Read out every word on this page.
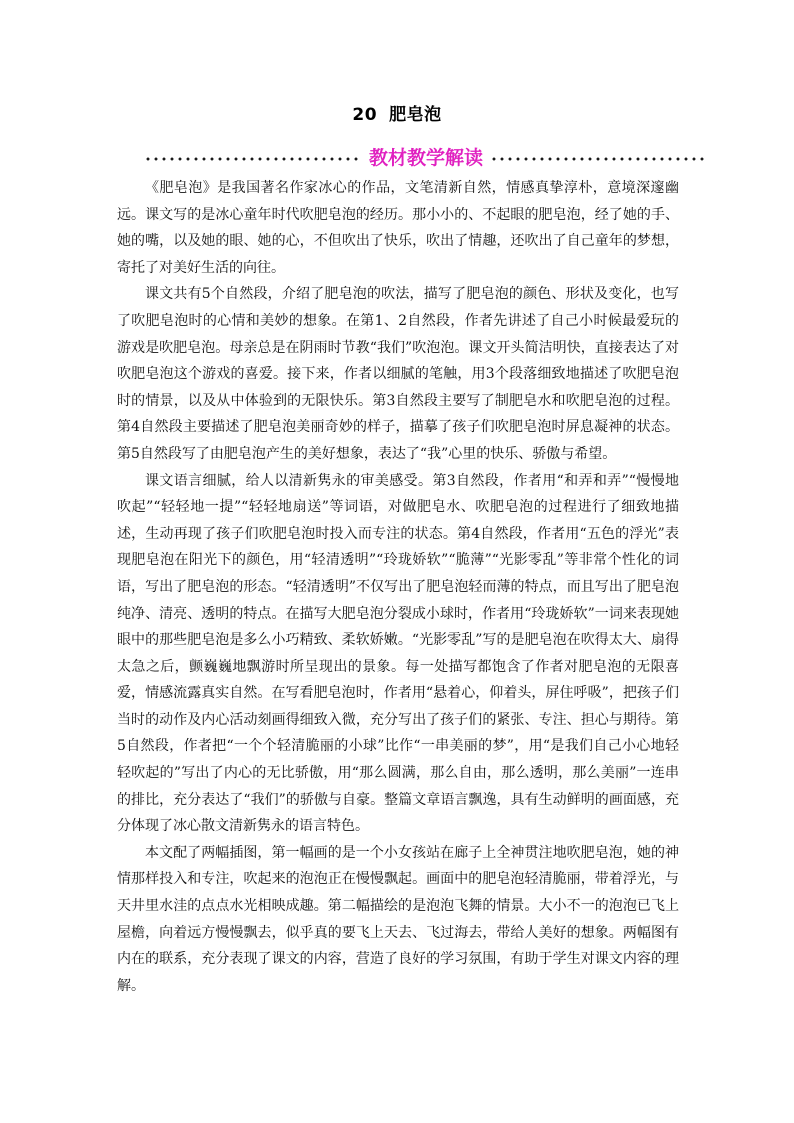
20 肥皂泡
教材教学解读

《肥皂泡》是我国著名作家冰心的作品，文笔清新自然，情感真挚淳朴，意境深邃幽远。课文写的是冰心童年时代吹肥皂泡的经历。那小小的、不起眼的肥皂泡，经了她的手、她的嘴，以及她的眼、她的心，不但吹出了快乐，吹出了情趣，还吹出了自己童年的梦想，寄托了对美好生活的向往。

课文共有5个自然段，介绍了肥皂泡的吹法，描写了肥皂泡的颜色、形状及变化，也写了吹肥皂泡时的心情和美妙的想象。在第1、2自然段，作者先讲述了自己小时候最爱玩的游戏是吹肥皂泡。母亲总是在阴雨时节教“我们”吹泡泡。课文开头简洁明快，直接表达了对吹肥皂泡这个游戏的喜爱。接下来，作者以细腻的笔触，用3个段落细致地描述了吹肥皂泡时的情景，以及从中体验到的无限快乐。第3自然段主要写了制肥皂水和吹肥皂泡的过程。第4自然段主要描述了肥皂泡美丽奇妙的样子，描摹了孩子们吹肥皂泡时屏息凝神的状态。第5自然段写了由肥皂泡产生的美好想象，表达了“我”心里的快乐、骄傲与希望。

课文语言细腻，给人以清新隽永的审美感受。第3自然段，作者用“和弄和弄”“慢慢地吹起”“轻轻地一提”“轻轻地扇送”等词语，对做肥皂水、吹肥皂泡的过程进行了细致地描述，生动再现了孩子们吹肥皂泡时投入而专注的状态。第4自然段，作者用“五色的浮光”表现肥皂泡在阳光下的颜色，用“轻清透明”“玲珑娇软”“脆薄”“光影零乱”等非常个性化的词语，写出了肥皂泡的形态。“轻清透明”不仅写出了肥皂泡轻而薄的特点，而且写出了肥皂泡纯净、清亮、透明的特点。在描写大肥皂泡分裂成小球时，作者用“玲珑娇软”一词来表现她眼中的那些肥皂泡是多么小巧精致、柔软娇嫩。“光影零乱”写的是肥皂泡在吹得太大、扇得太急之后，颤巍巍地飘游时所呈现出的景象。每一处描写都饱含了作者对肥皂泡的无限喜爱，情感流露真实自然。在写看肥皂泡时，作者用“悬着心，仰着头，屏住呼吸”，把孩子们当时的动作及内心活动刻画得细致入微，充分写出了孩子们的紧张、专注、担心与期待。第5自然段，作者把“一个个轻清脆丽的小球”比作“一串美丽的梦”，用“是我们自己小心地轻轻吹起的”写出了内心的无比骄傲，用“那么圆满，那么自由，那么透明，那么美丽”一连串的排比，充分表达了“我们”的骄傲与自豪。整篇文章语言飘逸，具有生动鲜明的画面感，充分体现了冰心散文清新隽永的语言特色。

本文配了两幅插图，第一幅画的是一个小女孩站在廊子上全神贯注地吹肥皂泡，她的神情那样投入和专注，吹起来的泡泡正在慢慢飘起。画面中的肥皂泡轻清脆丽，带着浮光，与天井里水洼的点点水光相映成趣。第二幅描绘的是泡泡飞舞的情景。大小不一的泡泡已飞上屋檐，向着远方慢慢飘去，似乎真的要飞上天去、飞过海去，带给人美好的想象。两幅图有内在的联系，充分表现了课文的内容，营造了良好的学习氛围，有助于学生对课文内容的理解。
